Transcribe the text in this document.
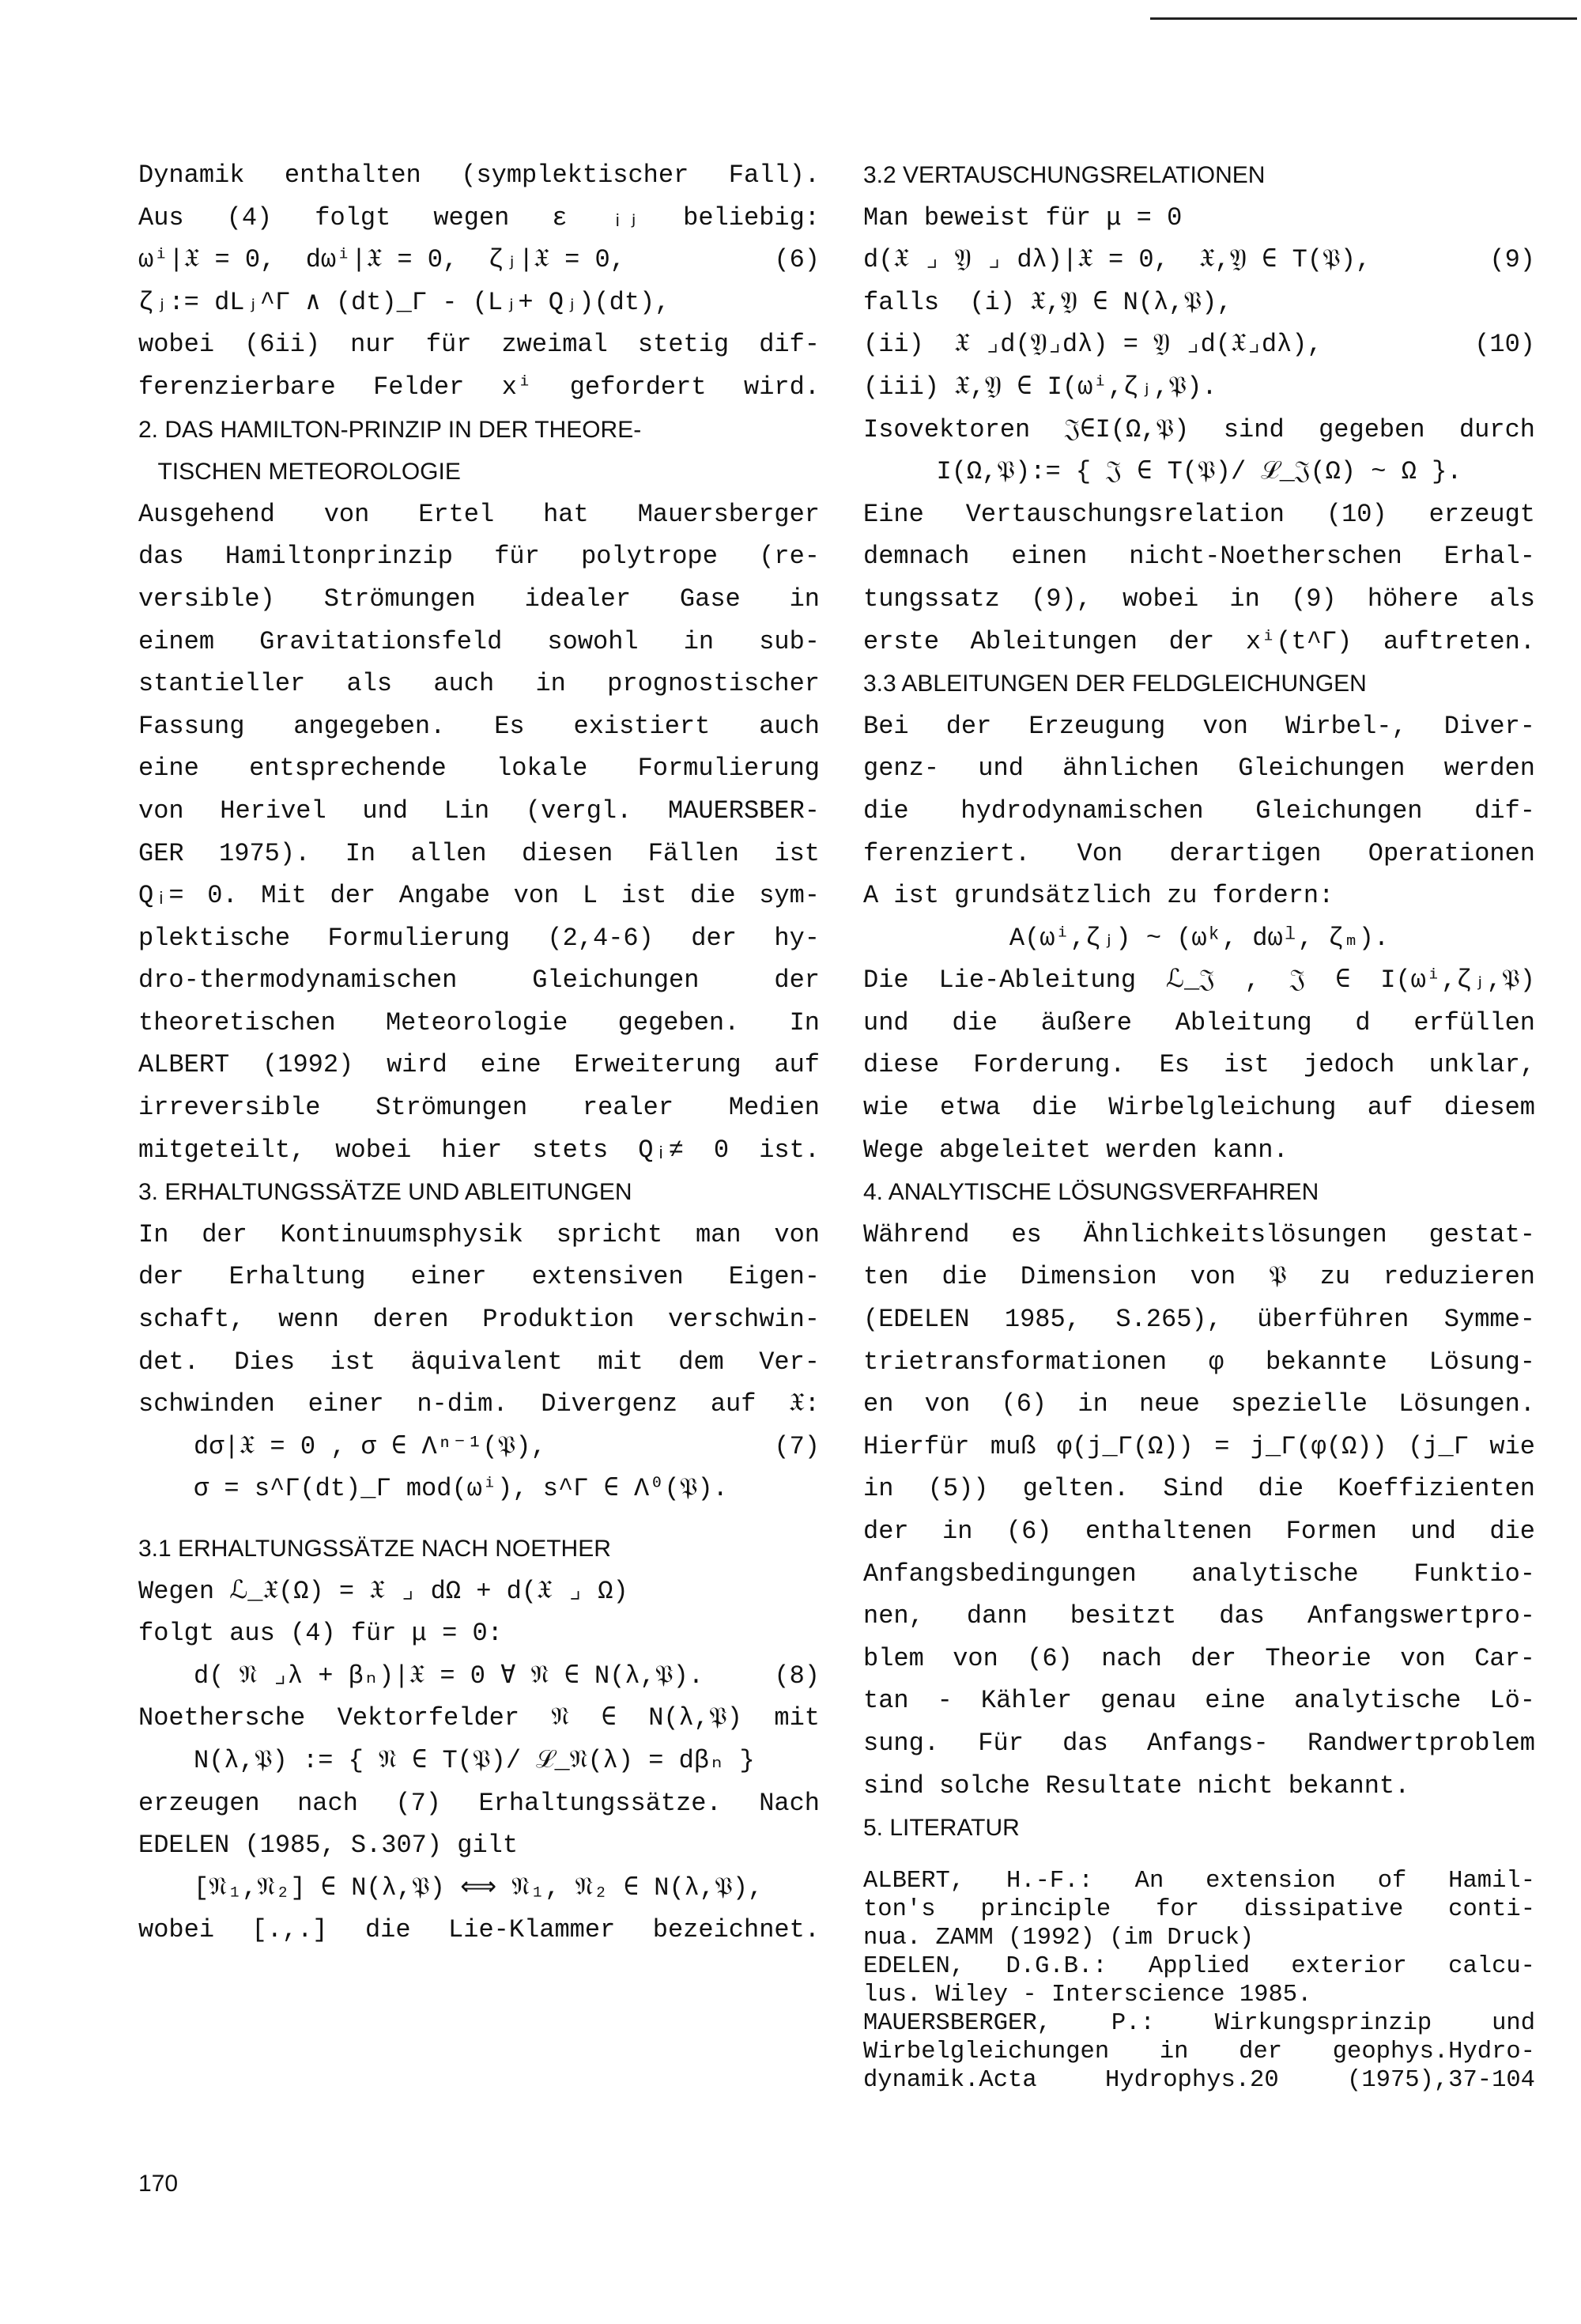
Dynamik enthalten (symplektischer Fall).
Aus (4) folgt wegen ε ᵢⱼ beliebig:
ωⁱ|𝔛 = 0,  dωⁱ|𝔛 = 0,  ζⱼ|𝔛 = 0,	(6)
ζⱼ:= dLⱼ^Γ ∧ (dt)_Γ - (Lⱼ+ Qⱼ)(dt),
wobei (6ii) nur für zweimal stetig dif-
ferenzierbare Felder xⁱ gefordert wird.
2. DAS HAMILTON-PRINZIP IN DER THEORE-
TISCHEN METEOROLOGIE
Ausgehend von Ertel hat Mauersberger
das Hamiltonprinzip für polytrope (re-
versible) Strömungen idealer Gase in
einem Gravitationsfeld sowohl in sub-
stantieller als auch in prognostischer
Fassung angegeben. Es existiert auch
eine entsprechende lokale Formulierung
von Herivel und Lin (vergl. MAUERSBER-
GER 1975). In allen diesen Fällen ist
Qᵢ= 0. Mit der Angabe von L ist die sym-
plektische Formulierung (2,4-6) der hy-
dro-thermodynamischen Gleichungen der
theoretischen Meteorologie gegeben. In
ALBERT (1992) wird eine Erweiterung auf
irreversible Strömungen realer Medien
mitgeteilt, wobei hier stets Qᵢ≠ 0 ist.
3. ERHALTUNGSSÄTZE UND ABLEITUNGEN
In der Kontinuumsphysik spricht man von
der Erhaltung einer extensiven Eigen-
schaft, wenn deren Produktion verschwin-
det. Dies ist äquivalent mit dem Ver-
schwinden einer n-dim. Divergenz auf 𝔛:
dσ|𝔛 = 0 , σ ∈ Λⁿ⁻¹(𝔓),	(7)
σ = s^Γ(dt)_Γ mod(ωⁱ), s^Γ ∈ Λ⁰(𝔓).
3.1 ERHALTUNGSSÄTZE NACH NOETHER
Wegen ℒ_𝔛(Ω) = 𝔛 ⌟ dΩ + d(𝔛 ⌟ Ω)
folgt aus (4) für μ = 0:
d( 𝔑 ⌟λ + βₙ)|𝔛 = 0 ∀ 𝔑 ∈ N(λ,𝔓).	(8)
Noethersche Vektorfelder 𝔑 ∈ N(λ,𝔓) mit
N(λ,𝔓) := { 𝔑 ∈ T(𝔓)/ ℒ_𝔑(λ) = dβₙ }
erzeugen nach (7) Erhaltungssätze. Nach
EDELEN (1985, S.307) gilt
[𝔑₁,𝔑₂] ∈ N(λ,𝔓) ⟺ 𝔑₁, 𝔑₂ ∈ N(λ,𝔓),
wobei [.,.] die Lie-Klammer bezeichnet.
3.2 VERTAUSCHUNGSRELATIONEN
Man beweist für μ = 0
d(𝔛 ⌟ 𝔜 ⌟ dλ)|𝔛 = 0,  𝔛,𝔜 ∈ T(𝔓),	(9)
falls  (i) 𝔛,𝔜 ∈ N(λ,𝔓),
(ii)  𝔛 ⌟d(𝔜⌟dλ) = 𝔜 ⌟d(𝔛⌟dλ),	(10)
(iii) 𝔛,𝔜 ∈ I(ωⁱ,ζⱼ,𝔓).
Isovektoren 𝔍∈I(Ω,𝔓) sind gegeben durch
I(Ω,𝔓):= { 𝔍 ∈ T(𝔓)/ ℒ_𝔍(Ω) ~ Ω }.
Eine Vertauschungsrelation (10) erzeugt
demnach einen nicht-Noetherschen Erhal-
tungssatz (9), wobei in (9) höhere als
erste Ableitungen der xⁱ(t^Γ) auftreten.
3.3 ABLEITUNGEN DER FELDGLEICHUNGEN
Bei der Erzeugung von Wirbel-, Diver-
genz- und ähnlichen Gleichungen werden
die hydrodynamischen Gleichungen dif-
ferenziert. Von derartigen Operationen
A ist grundsätzlich zu fordern:
A(ωⁱ,ζⱼ) ~ (ωᵏ, dωˡ, ζₘ).
Die Lie-Ableitung ℒ_𝔍 , 𝔍 ∈ I(ωⁱ,ζⱼ,𝔓)
und die äußere Ableitung d erfüllen
diese Forderung. Es ist jedoch unklar,
wie etwa die Wirbelgleichung auf diesem
Wege abgeleitet werden kann.
4. ANALYTISCHE LÖSUNGSVERFAHREN
Während es Ähnlichkeitslösungen gestat-
ten die Dimension von 𝔓 zu reduzieren
(EDELEN 1985, S.265), überführen Symme-
trietransformationen φ bekannte Lösung-
en von (6) in neue spezielle Lösungen.
Hierfür muß φ(j_Γ(Ω)) = j_Γ(φ(Ω)) (j_Γ wie
in (5)) gelten. Sind die Koeffizienten
der in (6) enthaltenen Formen und die
Anfangsbedingungen analytische Funktio-
nen, dann besitzt das Anfangswertpro-
blem von (6) nach der Theorie von Car-
tan - Kähler genau eine analytische Lö-
sung. Für das Anfangs- Randwertproblem
sind solche Resultate nicht bekannt.
5. LITERATUR
ALBERT, H.-F.: An extension of Hamil-
ton's principle for dissipative conti-
nua. ZAMM (1992) (im Druck)
EDELEN, D.G.B.: Applied exterior calcu-
lus. Wiley - Interscience 1985.
MAUERSBERGER, P.: Wirkungsprinzip und
Wirbelgleichungen in der geophys.Hydro-
dynamik.Acta Hydrophys.20 (1975),37-104
170
